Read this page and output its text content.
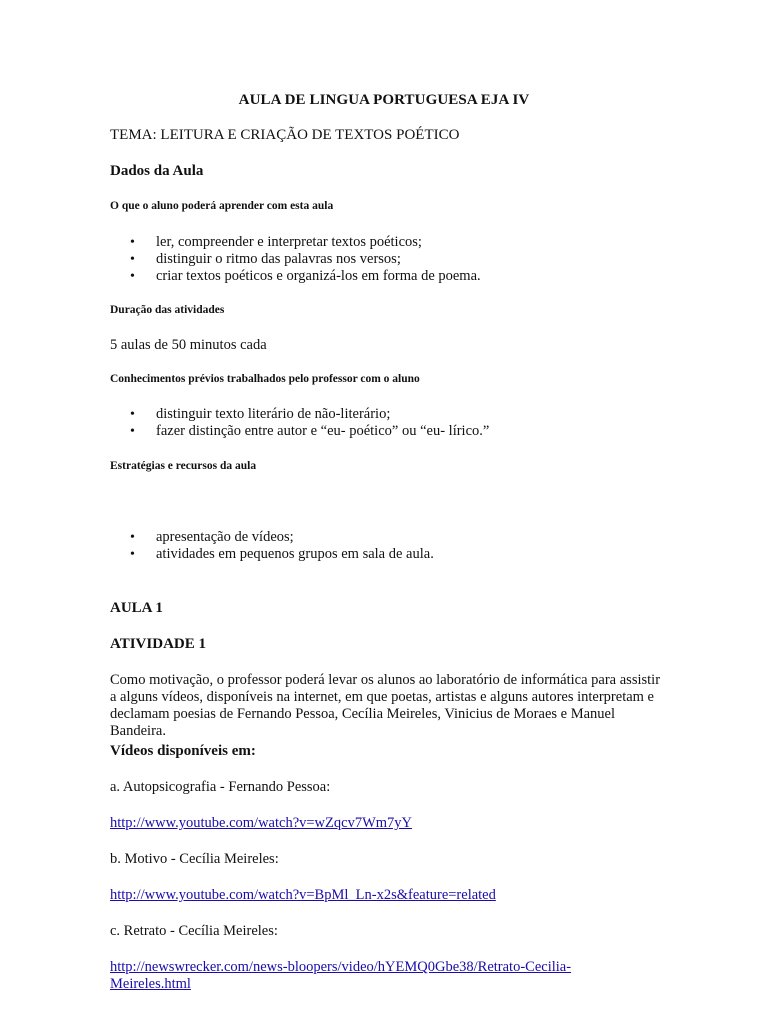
AULA DE LINGUA PORTUGUESA EJA IV

TEMA: LEITURA E CRIAÇÃO DE TEXTOS POÉTICO

Dados da Aula

O que o aluno poderá aprender com esta aula

• ler, compreender e interpretar textos poéticos;
• distinguir o ritmo das palavras nos versos;
• criar textos poéticos e organizá-los em forma de poema.

Duração das atividades

5 aulas de 50 minutos cada

Conhecimentos prévios trabalhados pelo professor com o aluno

• distinguir texto literário de não-literário;
• fazer distinção entre autor e “eu- poético” ou “eu- lírico.”

Estratégias e recursos da aula

• apresentação de vídeos;
• atividades em pequenos grupos em sala de aula.

AULA 1

ATIVIDADE 1

Como motivação, o professor poderá levar os alunos ao laboratório de informática para assistir a alguns vídeos, disponíveis na internet, em que poetas, artistas e alguns autores interpretam e declamam poesias de Fernando Pessoa, Cecília Meireles, Vinicius de Moraes e Manuel Bandeira.

Vídeos disponíveis em:

a. Autopsicografia - Fernando Pessoa:

http://www.youtube.com/watch?v=wZqcv7Wm7yY

b. Motivo - Cecília Meireles:

http://www.youtube.com/watch?v=BpMl_Ln-x2s&feature=related

c. Retrato - Cecília Meireles:

http://newswrecker.com/news-bloopers/video/hYEMQ0Gbe38/Retrato-Cecilia-Meireles.html
